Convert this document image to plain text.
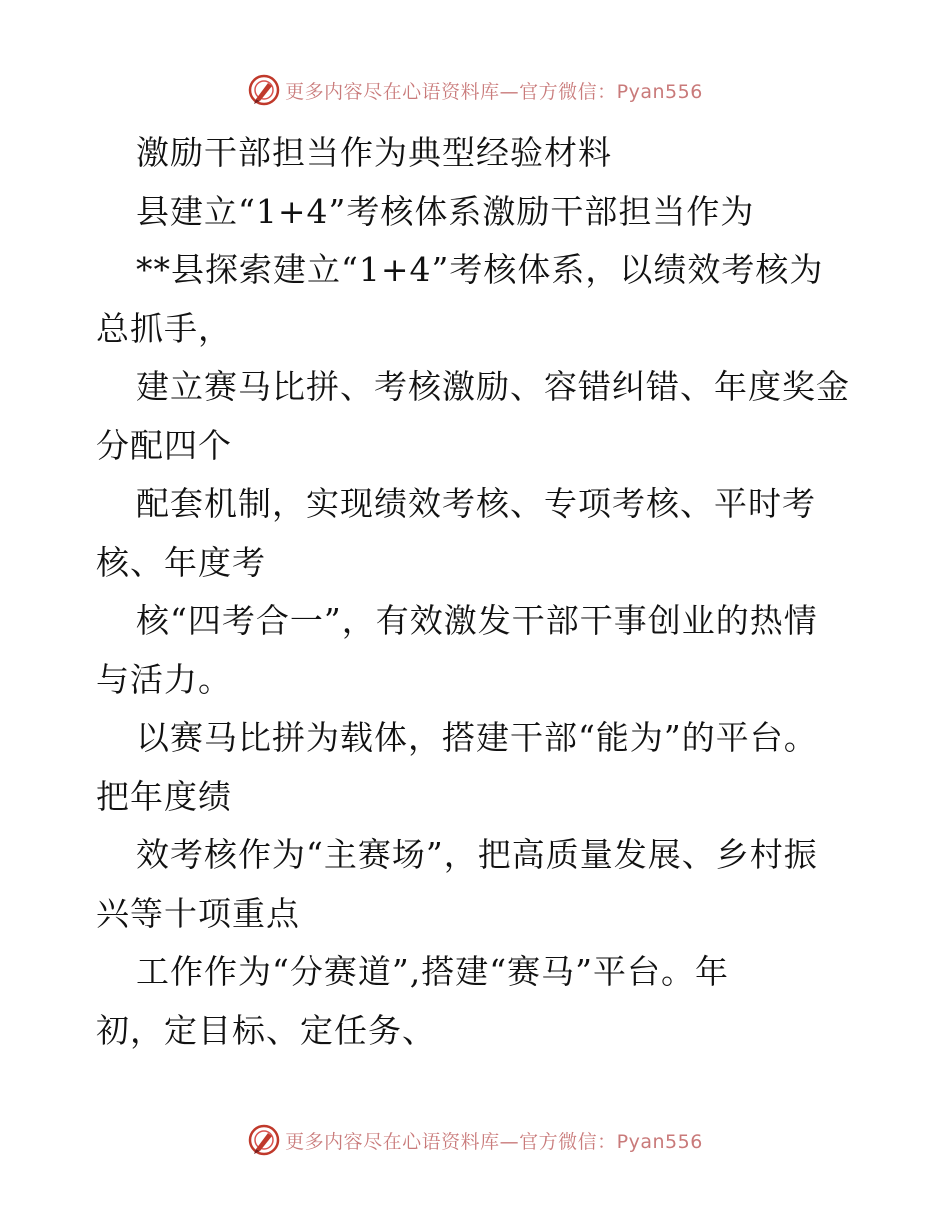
更多内容尽在心语资料库—官方微信：Pyan556
激励干部担当作为典型经验材料
县建立“1+4”考核体系激励干部担当作为
**县探索建立“1+4”考核体系，以绩效考核为
总抓手，
建立赛马比拼、考核激励、容错纠错、年度奖金
分配四个
配套机制，实现绩效考核、专项考核、平时考
核、年度考
核“四考合一”，有效激发干部干事创业的热情
与活力。
以赛马比拼为载体，搭建干部“能为”的平台。
把年度绩
效考核作为“主赛场”，把高质量发展、乡村振
兴等十项重点
工作作为“分赛道”,搭建“赛马”平台。年
初，定目标、定任务、
更多内容尽在心语资料库—官方微信：Pyan556
